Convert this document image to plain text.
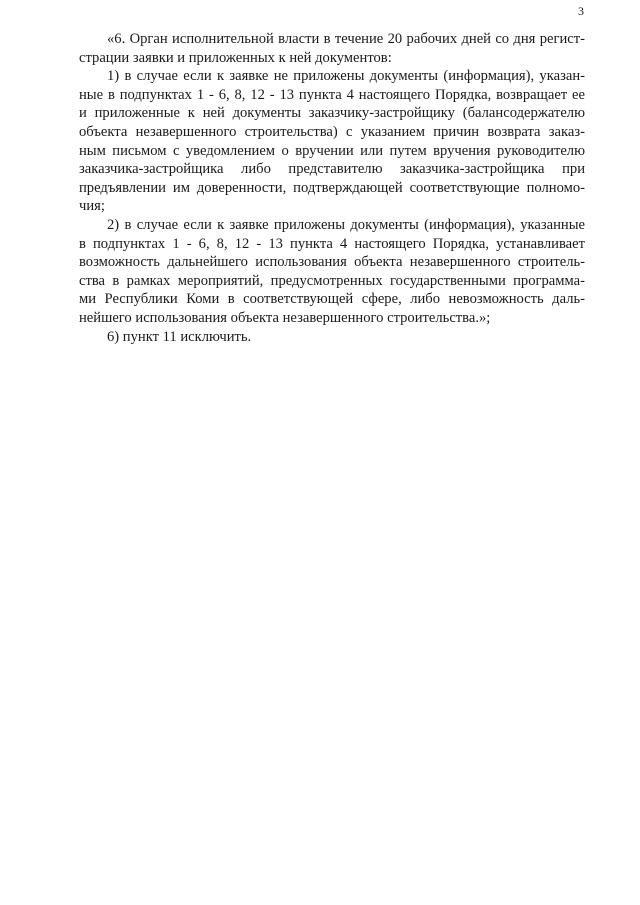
3

«6. Орган исполнительной власти в течение 20 рабочих дней со дня регист-

страции заявки и приложенных к ней документов:

1) в случае если к заявке не приложены документы (информация), указан-

ные в подпунктах 1 - 6, 8, 12 - 13 пункта 4 настоящего Порядка, возвращает ее

и приложенные к ней документы заказчику-застройщику (балансодержателю

объекта незавершенного строительства) с указанием причин возврата заказ-

ным письмом с уведомлением о вручении или путем вручения руководителю

заказчика-застройщика либо представителю заказчика-застройщика при

предъявлении им доверенности, подтверждающей соответствующие полномо-

чия;

2) в случае если к заявке приложены документы (информация), указанные

в подпунктах 1 - 6, 8, 12 - 13 пункта 4 настоящего Порядка, устанавливает

возможность дальнейшего использования объекта незавершенного строитель-

ства в рамках мероприятий, предусмотренных государственными программа-

ми Республики Коми в соответствующей сфере, либо невозможность даль-

нейшего использования объекта незавершенного строительства.»;

6) пункт 11 исключить.
